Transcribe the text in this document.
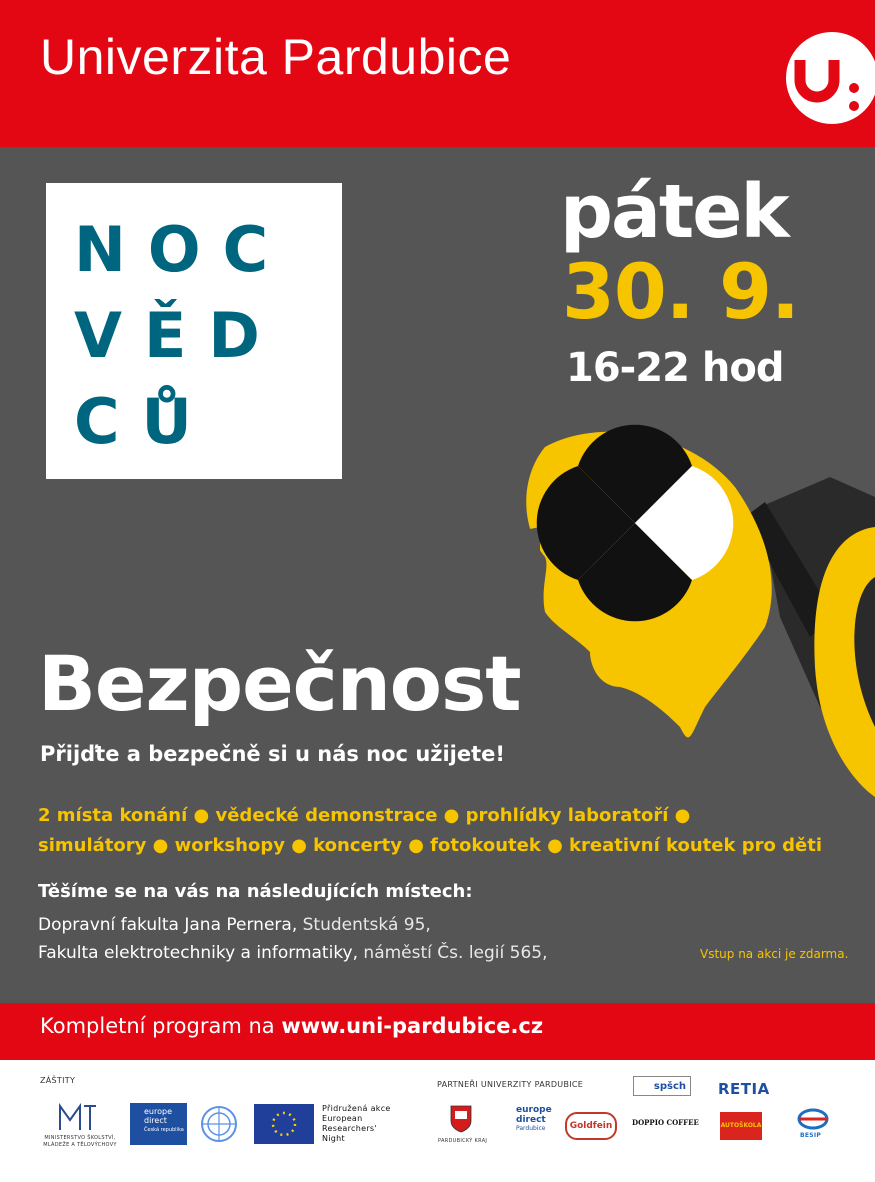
Univerzita Pardubice
NOC
VĚD
CŮ
pátek
30. 9.
16-22 hod
Bezpečnost
Přijďte a bezpečně si u nás noc užijete!
2 místa konání ● vědecké demonstrace ● prohlídky laboratoří ●
simulátory ● workshopy ● koncerty ● fotokoutek ● kreativní koutek pro děti
Těšíme se na vás na následujících místech:
Dopravní fakulta Jana Pernera, Studentská 95,
Fakulta elektrotechniky a informatiky, náměstí Čs. legií 565,	Vstup na akci je zdarma.
Kompletní program na www.uni-pardubice.cz
ZÁŠTITY	PARTNEŘI UNIVERZITY PARDUBICE
MINISTERSTVO ŠKOLSTVÍ, MLÁDEŽE A TĚLOVÝCHOVY
europe direct
Česká republika
Přidružená akce European Researchers' Night	PARDUBICKÝ KRAJ
europe direct
Pardubice	Goldfein	DOPPIO COFFEE
spšch	RETIA
AUTOŠKOLA
BESIP
